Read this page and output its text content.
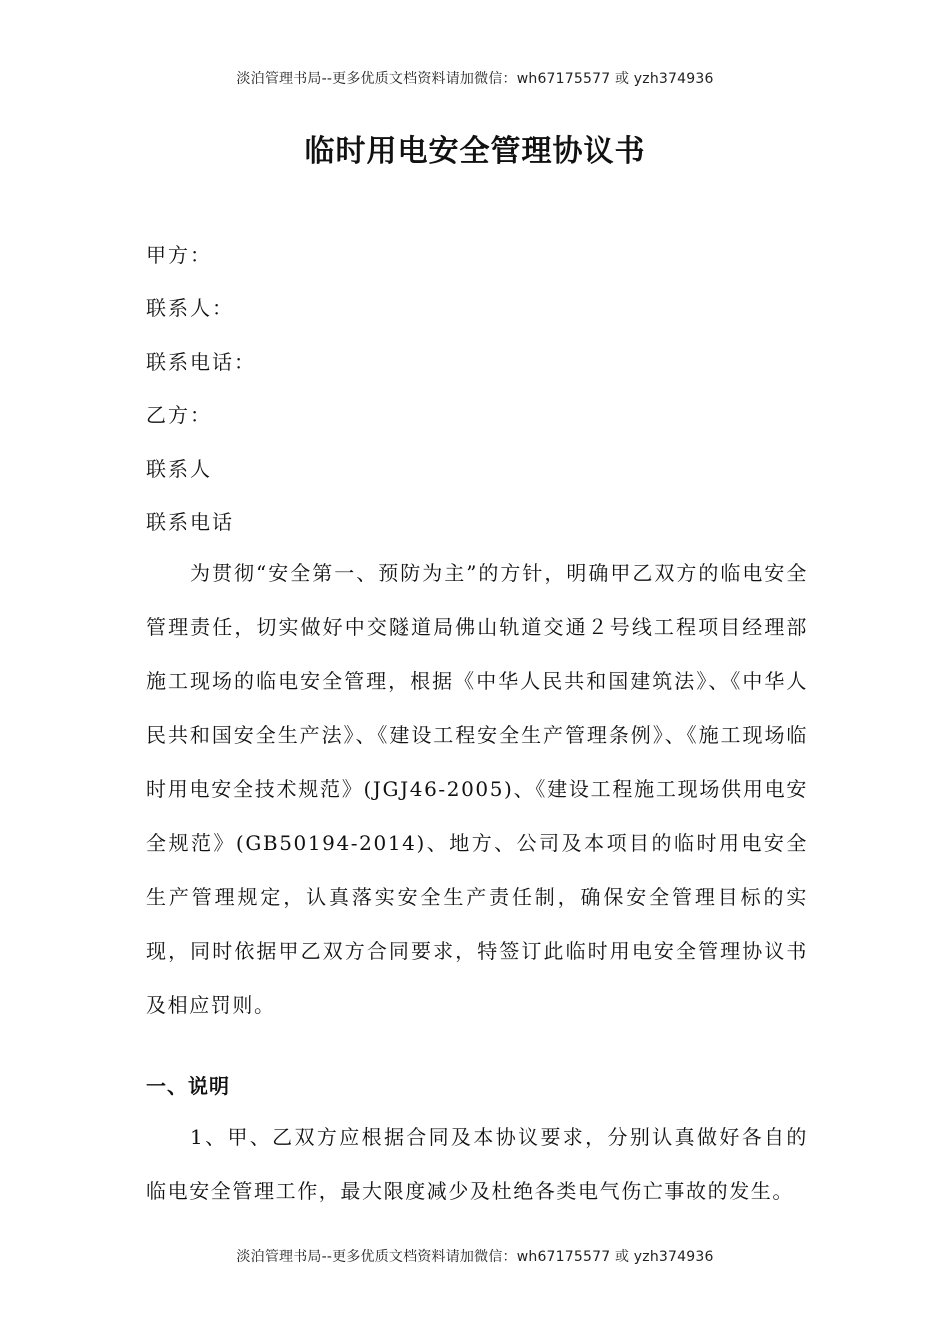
淡泊管理书局--更多优质文档资料请加微信：wh67175577 或 yzh374936
临时用电安全管理协议书
甲方：
联系人：
联系电话：
乙方：
联系人
联系电话

为贯彻“安全第一、预防为主”的方针，明确甲乙双方的临电安全管理责任，切实做好中交隧道局佛山轨道交通２号线工程项目经理部施工现场的临电安全管理，根据《中华人民共和国建筑法》、《中华人民共和国安全生产法》、《建设工程安全生产管理条例》、《施工现场临时用电安全技术规范》(JGJ46-2005)、《建设工程施工现场供用电安全规范》(GB50194-2014)、地方、公司及本项目的临时用电安全生产管理规定，认真落实安全生产责任制，确保安全管理目标的实现，同时依据甲乙双方合同要求，特签订此临时用电安全管理协议书及相应罚则。

一、说明

1、甲、乙双方应根据合同及本协议要求，分别认真做好各自的临电安全管理工作，最大限度减少及杜绝各类电气伤亡事故的发生。

淡泊管理书局--更多优质文档资料请加微信：wh67175577 或 yzh374936
